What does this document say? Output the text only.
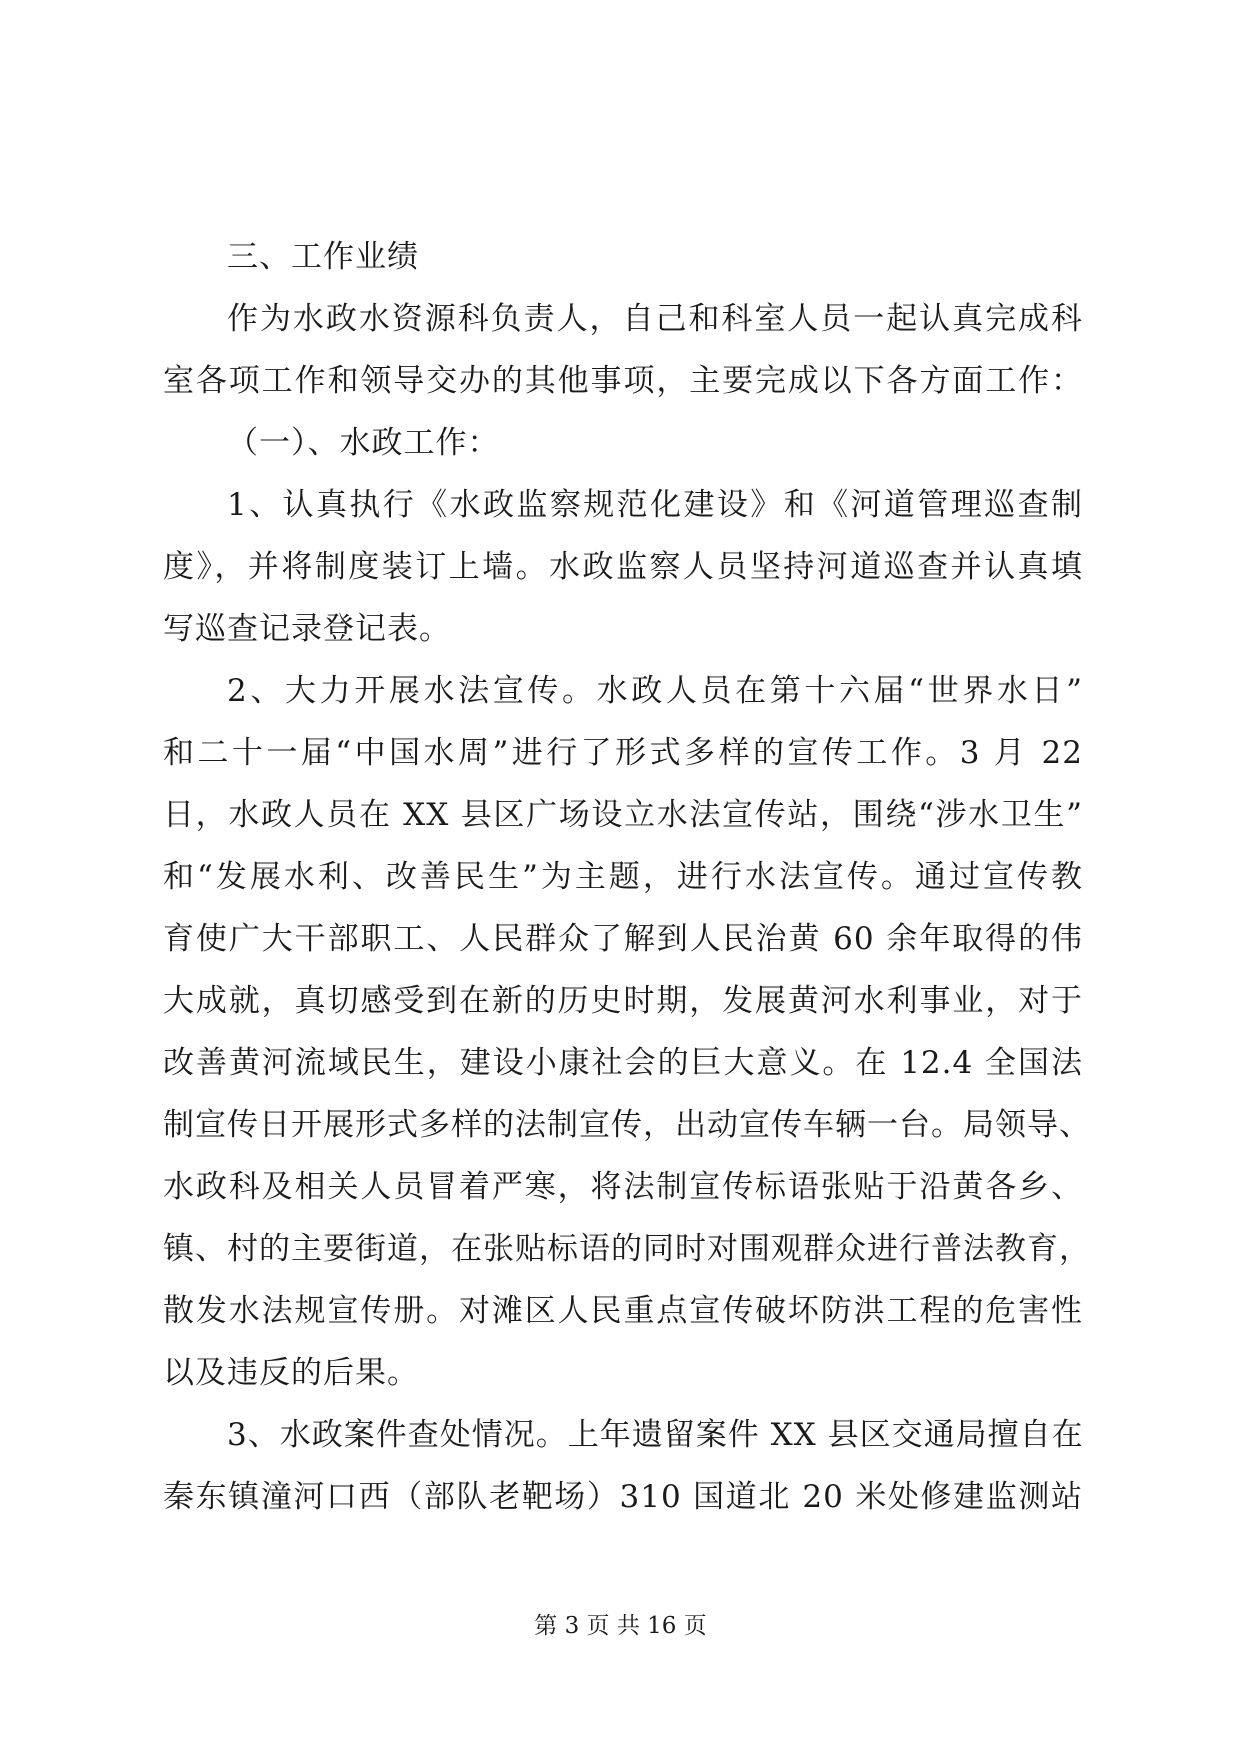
三、工作业绩
作为水政水资源科负责人，自己和科室人员一起认真完成科
室各项工作和领导交办的其他事项，主要完成以下各方面工作：
（一）、水政工作：
1、认真执行《水政监察规范化建设》和《河道管理巡查制
度》，并将制度装订上墙。水政监察人员坚持河道巡查并认真填
写巡查记录登记表。
2、大力开展水法宣传。水政人员在第十六届“世界水日”
和二十一届“中国水周”进行了形式多样的宣传工作。3 月 22
日，水政人员在 XX 县区广场设立水法宣传站，围绕“涉水卫生”
和“发展水利、改善民生”为主题，进行水法宣传。通过宣传教
育使广大干部职工、人民群众了解到人民治黄 60 余年取得的伟
大成就，真切感受到在新的历史时期，发展黄河水利事业，对于
改善黄河流域民生，建设小康社会的巨大意义。在 12.4 全国法
制宣传日开展形式多样的法制宣传，出动宣传车辆一台。局领导、
水政科及相关人员冒着严寒，将法制宣传标语张贴于沿黄各乡、
镇、村的主要街道，在张贴标语的同时对围观群众进行普法教育，
散发水法规宣传册。对滩区人民重点宣传破坏防洪工程的危害性
以及违反的后果。
3、水政案件查处情况。上年遗留案件 XX 县区交通局擅自在
秦东镇潼河口西（部队老靶场）310 国道北 20 米处修建监测站
第 3 页 共 16 页
